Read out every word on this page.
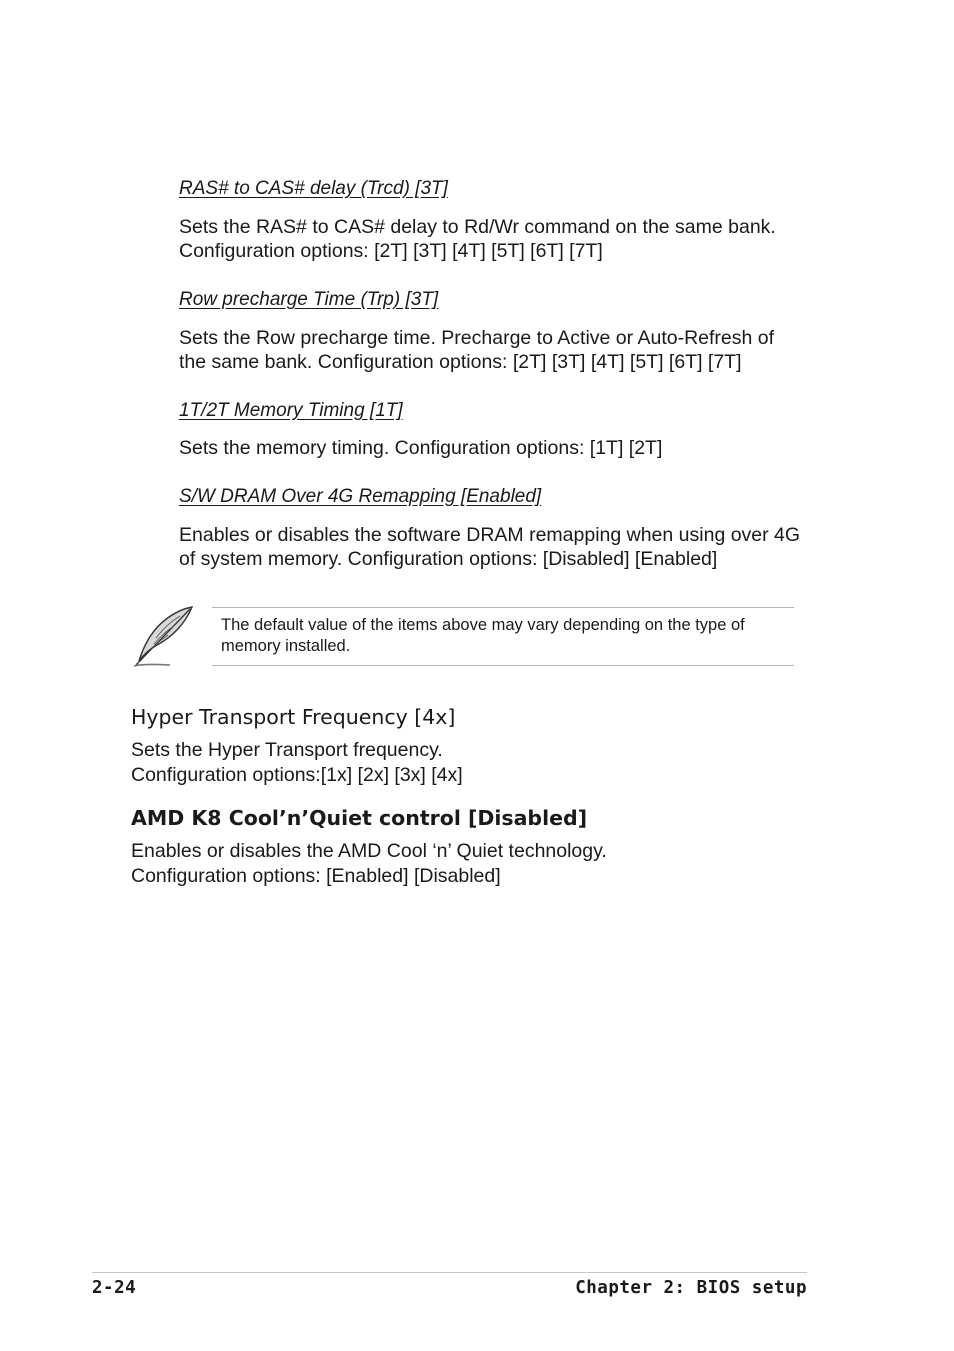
RAS# to CAS# delay (Trcd) [3T]

Sets the RAS# to CAS# delay to Rd/Wr command on the same bank.
Configuration options: [2T] [3T] [4T] [5T] [6T] [7T]

Row precharge Time (Trp) [3T]

Sets the Row precharge time. Precharge to Active or Auto-Refresh of
the same bank. Configuration options: [2T] [3T] [4T] [5T] [6T] [7T]

1T/2T Memory Timing [1T]

Sets the memory timing. Configuration options: [1T] [2T]

S/W DRAM Over 4G Remapping [Enabled]

Enables or disables the software DRAM remapping when using over 4G
of system memory. Configuration options: [Disabled] [Enabled]

The default value of the items above may vary depending on the type of
memory installed.

Hyper Transport Frequency [4x]

Sets the Hyper Transport frequency.
Configuration options:[1x] [2x] [3x] [4x]

AMD K8 Cool’n’Quiet control [Disabled]

Enables or disables the AMD Cool ‘n’ Quiet technology.
Configuration options: [Enabled] [Disabled]

2-24	Chapter 2: BIOS setup
